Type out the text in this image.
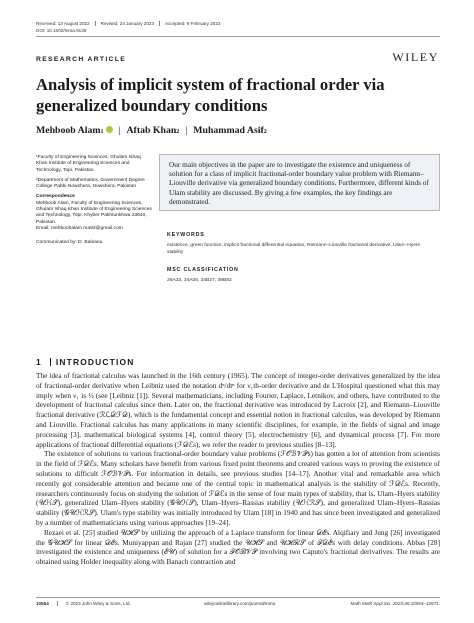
Received: 13 August 2022	Revised: 24 January 2023	Accepted: 9 February 2023
DOI: 10.1002/mma.9139
RESEARCH ARTICLE	WILEY
Analysis of implicit system of fractional order via generalized boundary conditions
Mehboob Alam 1 | Aftab Khan 2 | Muhammad Asif 2

¹Faculty of Engineering Sciences, Ghulam Ishaq Khan Institute of Engineering Sciences and Technology, Topi, Pakistan

²Department of Mathematics, Government Degree College Pabbi Nowshera, Nowshera, Pakistan

Correspondence

Mehboob Alam, Faculty of Engineering Sciences, Ghulam Ishaq Khan Institute of Engineering Sciences and Technology, Topi, Khyber Pakhtunkhwa 23640, Pakistan.

Email: mehboobalam.ma92@gmail.com

Communicated by: D. Baleanu

Our main objectives in the paper are to investigate the existence and uniqueness of solution for a class of implicit fractional-order boundary value problem with Riemann–Liouville derivative via generalized boundary conditions. Furthermore, different kinds of Ulam stability are discussed. By giving a few examples, the key findings are demonstrated.
KEYWORDS
existence, green function, implicit fractional differential equation, Riemann–Liouville fractional derivative, Ulam–Hyers stability
MSC CLASSIFICATION
26A33, 34A08, 34B27, 39B82
1 INTRODUCTION

The idea of fractional calculus was launched in the 16th century (1965). The concept of integer-order derivatives generalized by the idea of fractional-order derivative when Leibniz used the notation dⁿ/dtⁿ for ν₁th-order derivative and de L'Hospital questioned what this may imply when ν₁ is ½ (see [Leibniz [1]). Several mathematicians, including Fourier, Laplace, Letnikov, and others, have contributed to the development of fractional calculus since then. Later on, the fractional derivative was introduced by Lacroix [2], and Riemann–Liouville fractional derivative (ℛℒ𝒟ℱ𝒟), which is the fundamental concept and essential notion in fractional calculus, was developed by Riemann and Liouville. Fractional calculus has many applications in many scientific disciplines, for example, in the fields of signal and image processing [3], mathematical biological systems [4], control theory [5], electrochemistry [6], and dynamical process [7]. For more applications of fractional differential equations (ℱ𝒟ℰs), we refer the reader to previous studies [8–13].

The existence of solutions to various fractional-order boundary value problems (ℱ𝒪ℬ𝒱𝒫s) has gotten a lot of attention from scientists in the field of ℱ𝒟ℰs. Many scholars have benefit from various fixed point theorems and created various ways to proving the existence of solutions to difficult ℱ𝒪ℬ𝒱𝒫s. For information in details, see previous studies [14–17]. Another vital and remarkable area which recently got considerable attention and became one of the central topic in mathematical analysis is the stability of ℱ𝒟ℰs. Recently, researchers continuously focus on studying the solution of ℱ𝒟ℰs in the sense of four main types of stability, that is, Ulam–Hyers stability (𝒰ℋ𝒮), generalized Ulam–Hyers stability (𝒢𝒰ℋ𝒮), Ulam–Hyers–Rassias stability (𝒰ℋℛ𝒮), and generalized Ulam–Hyers–Rassias stability (𝒢𝒰ℋℛ𝒮). Ulam's type stability was initially introduced by Ulam [18] in 1940 and has since been investigated and generalized by a number of mathematicians using various approaches [19–24].

Rezaei et al. [25] studied 𝒰ℋ𝒮 by utilizing the approach of a Laplace transform for linear 𝒟ℰs. Alqifiary and Jung [26] investigated the 𝒢𝒰ℋ𝒮 for linear 𝒟ℰs. Muniyappan and Rajan [27] studied the 𝒰ℋ𝒮 and 𝒰ℋℛ𝒮 of ℱ𝒟ℰs with delay conditions. Abbas [28] investigated the existence and uniqueness (ℰ𝒰) of solution for a ℱ𝒪ℬ𝒱𝒫 involving two Caputo's fractional derivatives. The results are obtained using Holder inequality along with Banach contraction and

10554	© 2023 John Wiley & Sons, Ltd.	wileyonlinelibrary.com/journal/mma	Math Meth Appl Sci. 2023;46:10554–10571.
